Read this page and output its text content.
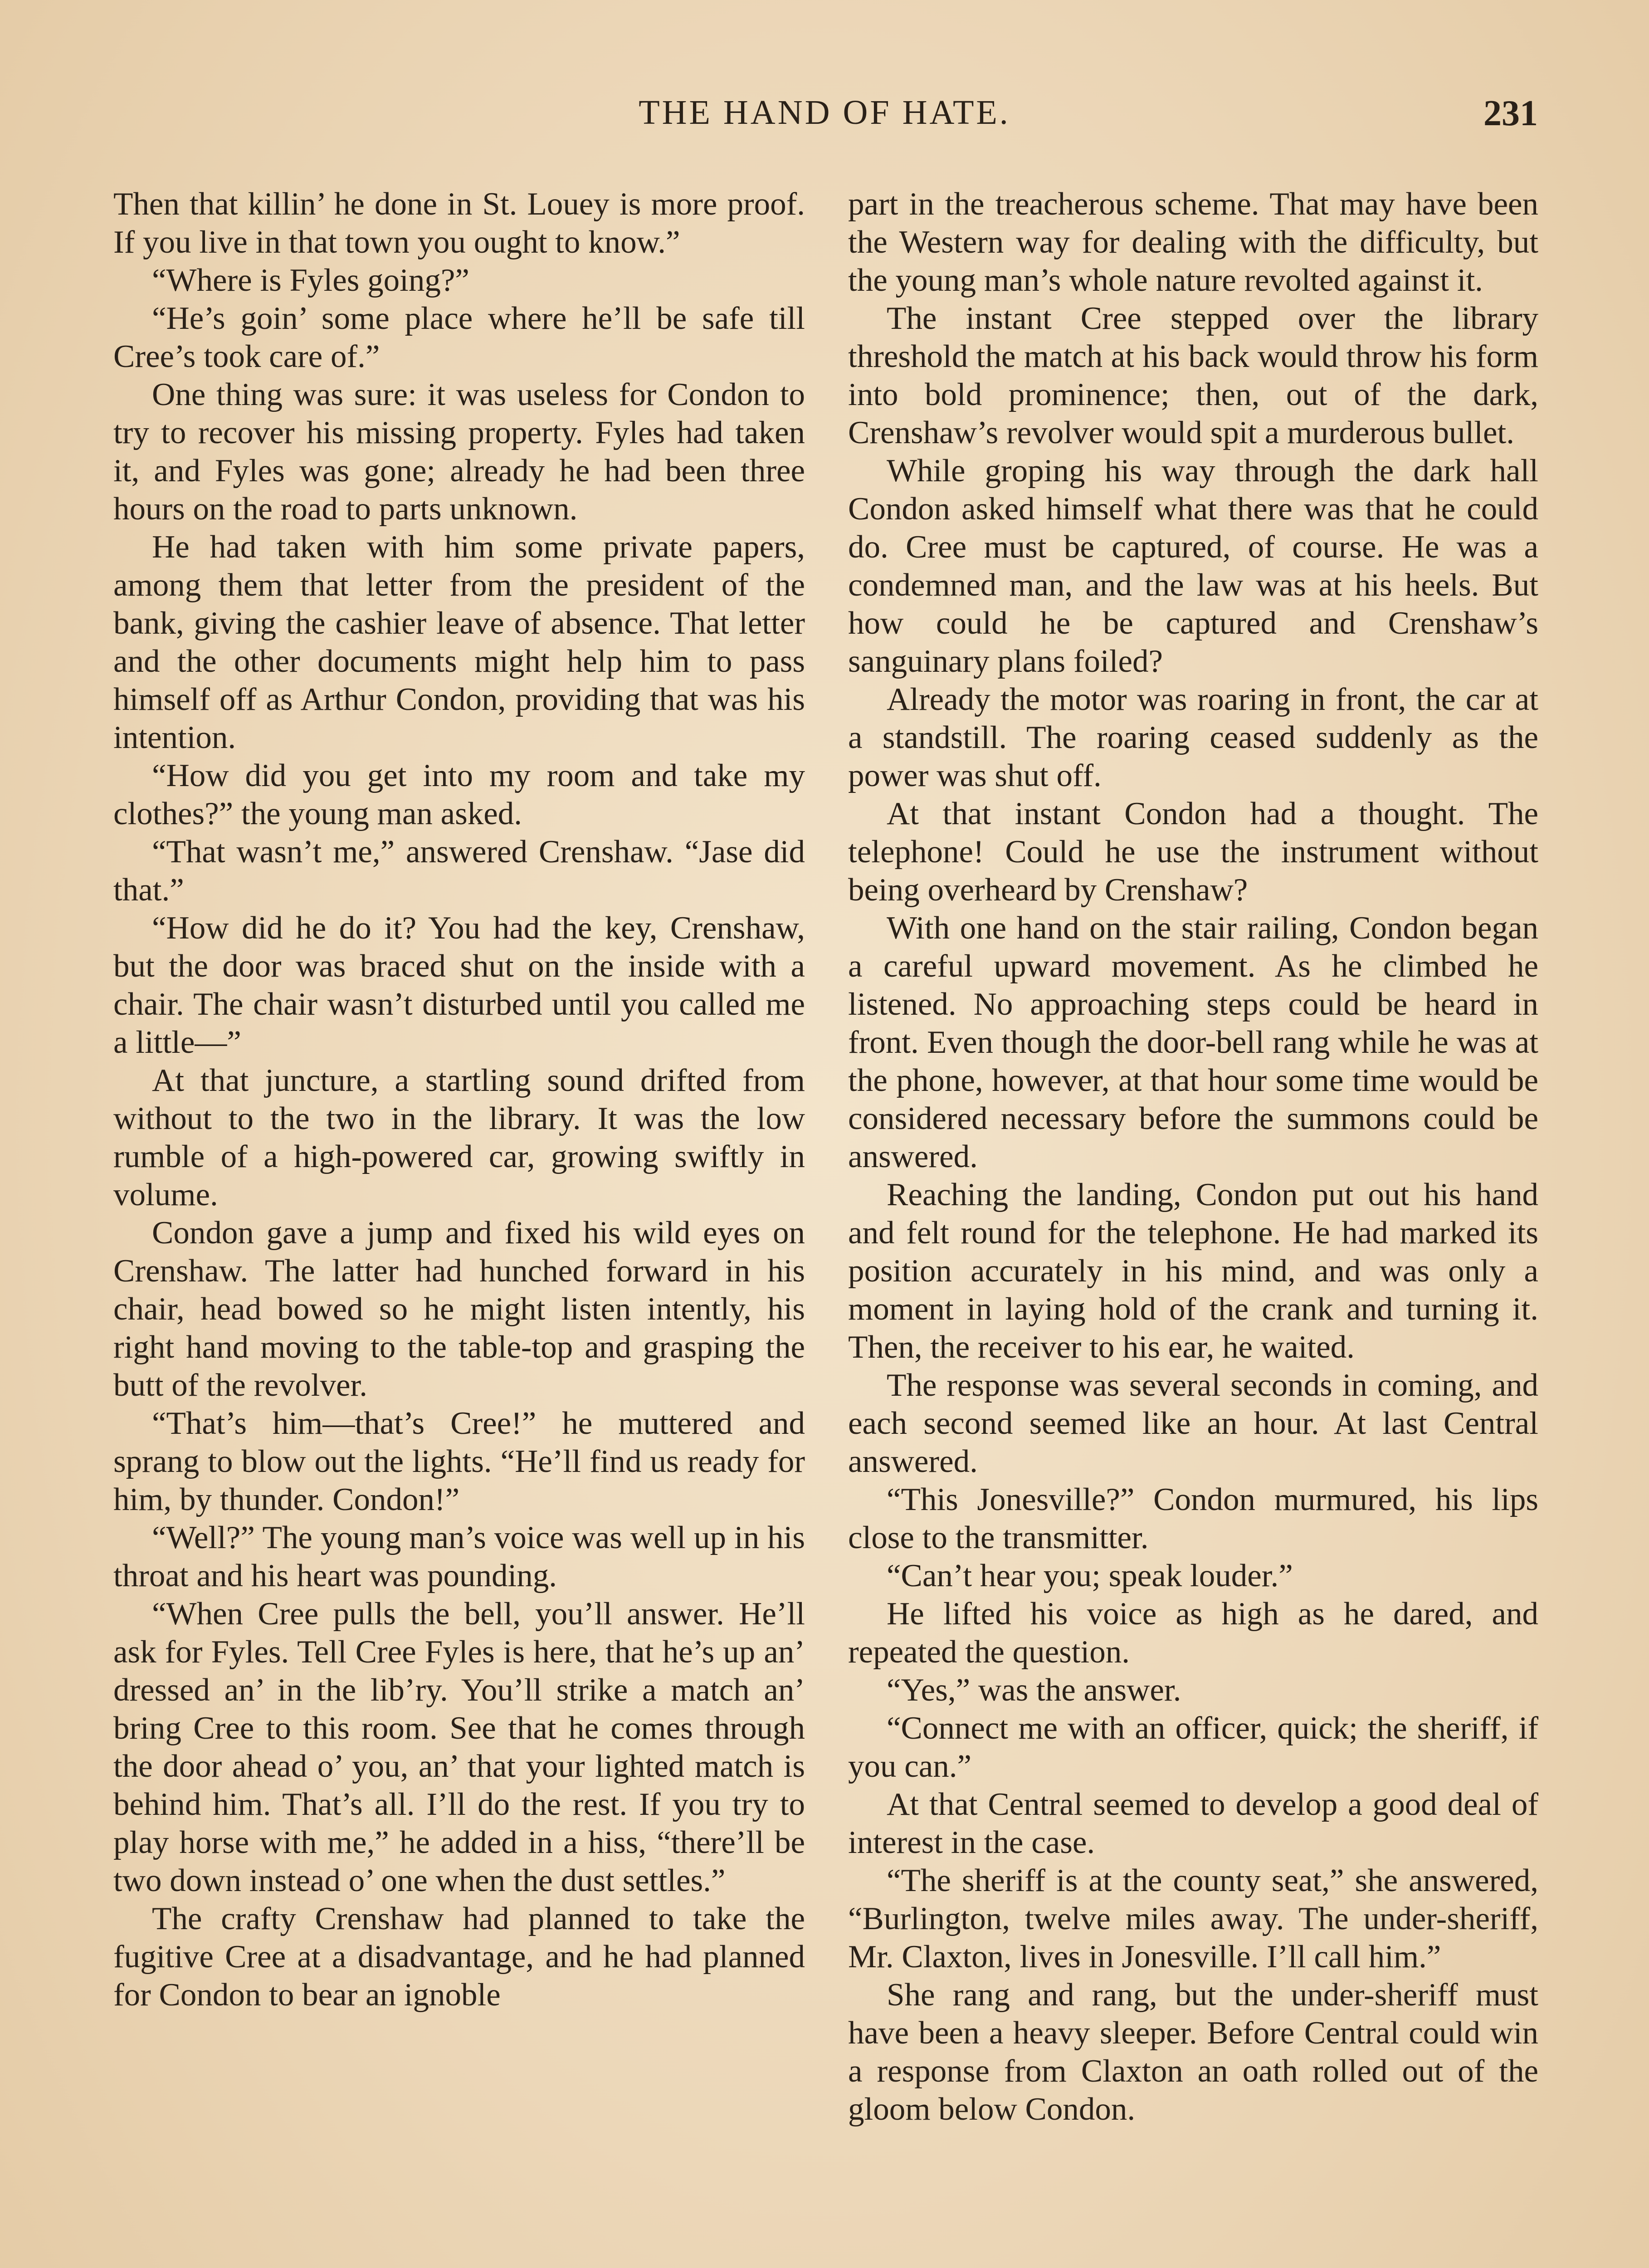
THE HAND OF HATE.	231

Then that killin’ he done in St. Louey is more proof. If you live in that town you ought to know.”

“Where is Fyles going?”

“He’s goin’ some place where he’ll be safe till Cree’s took care of.”

One thing was sure: it was useless for Condon to try to recover his missing property. Fyles had taken it, and Fyles was gone; already he had been three hours on the road to parts unknown.

He had taken with him some private papers, among them that letter from the president of the bank, giving the cashier leave of absence. That letter and the other documents might help him to pass himself off as Arthur Condon, providing that was his intention.

“How did you get into my room and take my clothes?” the young man asked.

“That wasn’t me,” answered Crenshaw. “Jase did that.”

“How did he do it? You had the key, Crenshaw, but the door was braced shut on the inside with a chair. The chair wasn’t disturbed until you called me a little—”

At that juncture, a startling sound drifted from without to the two in the library. It was the low rumble of a high-powered car, growing swiftly in volume.

Condon gave a jump and fixed his wild eyes on Crenshaw. The latter had hunched forward in his chair, head bowed so he might listen intently, his right hand moving to the table-top and grasping the butt of the revolver.

“That’s him—that’s Cree!” he muttered and sprang to blow out the lights. “He’ll find us ready for him, by thunder. Condon!”

“Well?” The young man’s voice was well up in his throat and his heart was pounding.

“When Cree pulls the bell, you’ll answer. He’ll ask for Fyles. Tell Cree Fyles is here, that he’s up an’ dressed an’ in the lib’ry. You’ll strike a match an’ bring Cree to this room. See that he comes through the door ahead o’ you, an’ that your lighted match is behind him. That’s all. I’ll do the rest. If you try to play horse with me,” he added in a hiss, “there’ll be two down instead o’ one when the dust settles.”

The crafty Crenshaw had planned to take the fugitive Cree at a disadvantage, and he had planned for Condon to bear an ignoble

part in the treacherous scheme. That may have been the Western way for dealing with the difficulty, but the young man’s whole nature revolted against it.

The instant Cree stepped over the library threshold the match at his back would throw his form into bold prominence; then, out of the dark, Crenshaw’s revolver would spit a murderous bullet.

While groping his way through the dark hall Condon asked himself what there was that he could do. Cree must be captured, of course. He was a condemned man, and the law was at his heels. But how could he be captured and Crenshaw’s sanguinary plans foiled?

Already the motor was roaring in front, the car at a standstill. The roaring ceased suddenly as the power was shut off.

At that instant Condon had a thought. The telephone! Could he use the instrument without being overheard by Crenshaw?

With one hand on the stair railing, Condon began a careful upward movement. As he climbed he listened. No approaching steps could be heard in front. Even though the door-bell rang while he was at the phone, however, at that hour some time would be considered necessary before the summons could be answered.

Reaching the landing, Condon put out his hand and felt round for the telephone. He had marked its position accurately in his mind, and was only a moment in laying hold of the crank and turning it. Then, the receiver to his ear, he waited.

The response was several seconds in coming, and each second seemed like an hour. At last Central answered.

“This Jonesville?” Condon murmured, his lips close to the transmitter.

“Can’t hear you; speak louder.”

He lifted his voice as high as he dared, and repeated the question.

“Yes,” was the answer.

“Connect me with an officer, quick; the sheriff, if you can.”

At that Central seemed to develop a good deal of interest in the case.

“The sheriff is at the county seat,” she answered, “Burlington, twelve miles away. The under-sheriff, Mr. Claxton, lives in Jonesville. I’ll call him.”

She rang and rang, but the under-sheriff must have been a heavy sleeper. Before Central could win a response from Claxton an oath rolled out of the gloom below Condon.
